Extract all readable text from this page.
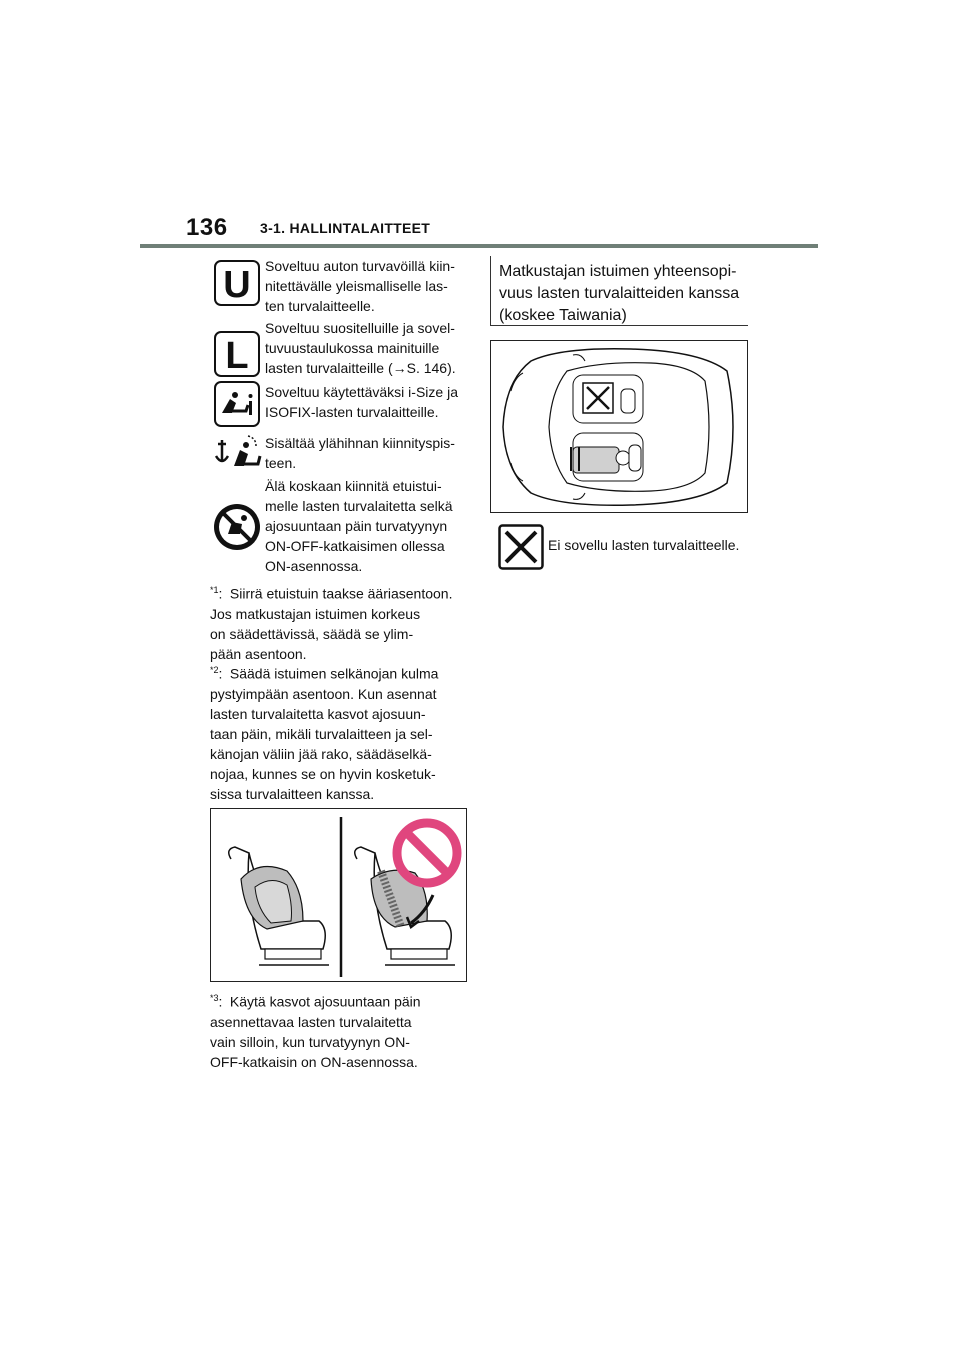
136 3-1. HALLINTALAITTEET
U
L
Soveltuu auton turvavöillä kiin-
nitettävälle yleismalliselle las-
ten turvalaitteelle.
Soveltuu suositelluille ja sovel-
tuvuustaulukossa mainituille
lasten turvalaitteille (→S. 146).
Soveltuu käytettäväksi i-Size ja
ISOFIX-lasten turvalaitteille.
Sisältää ylähihnan kiinnityspis-
teen.
Älä koskaan kiinnitä etuistui-
melle lasten turvalaitetta selkä
ajosuuntaan päin turvatyynyn
ON-OFF-katkaisimen ollessa
ON-asennossa.

$^{*1}$: Siirrä etuistuin taakse ääriasentoon.

Jos matkustajan istuimen korkeus

on säädettävissä, säädä se ylim-

pään asentoon.

$^{*2}$: Säädä istuimen selkänojan kulma

pystyimpään asentoon. Kun asennat

lasten turvalaitetta kasvot ajosuun-

taan päin, mikäli turvalaitteen ja sel-

känojan väliin jää rako, säädäselkä-

nojaa, kunnes se on hyvin kosketuk-

sissa turvalaitteen kanssa.

$^{*3}$: Käytä kasvot ajosuuntaan päin

asennettavaa lasten turvalaitetta

vain silloin, kun turvatyynyn ON-

OFF-katkaisin on ON-asennossa.

Matkustajan istuimen yhteensopi-
vuus lasten turvalaitteiden kanssa
(koskee Taiwania)
Ei sovellu lasten turvalaitteelle.
